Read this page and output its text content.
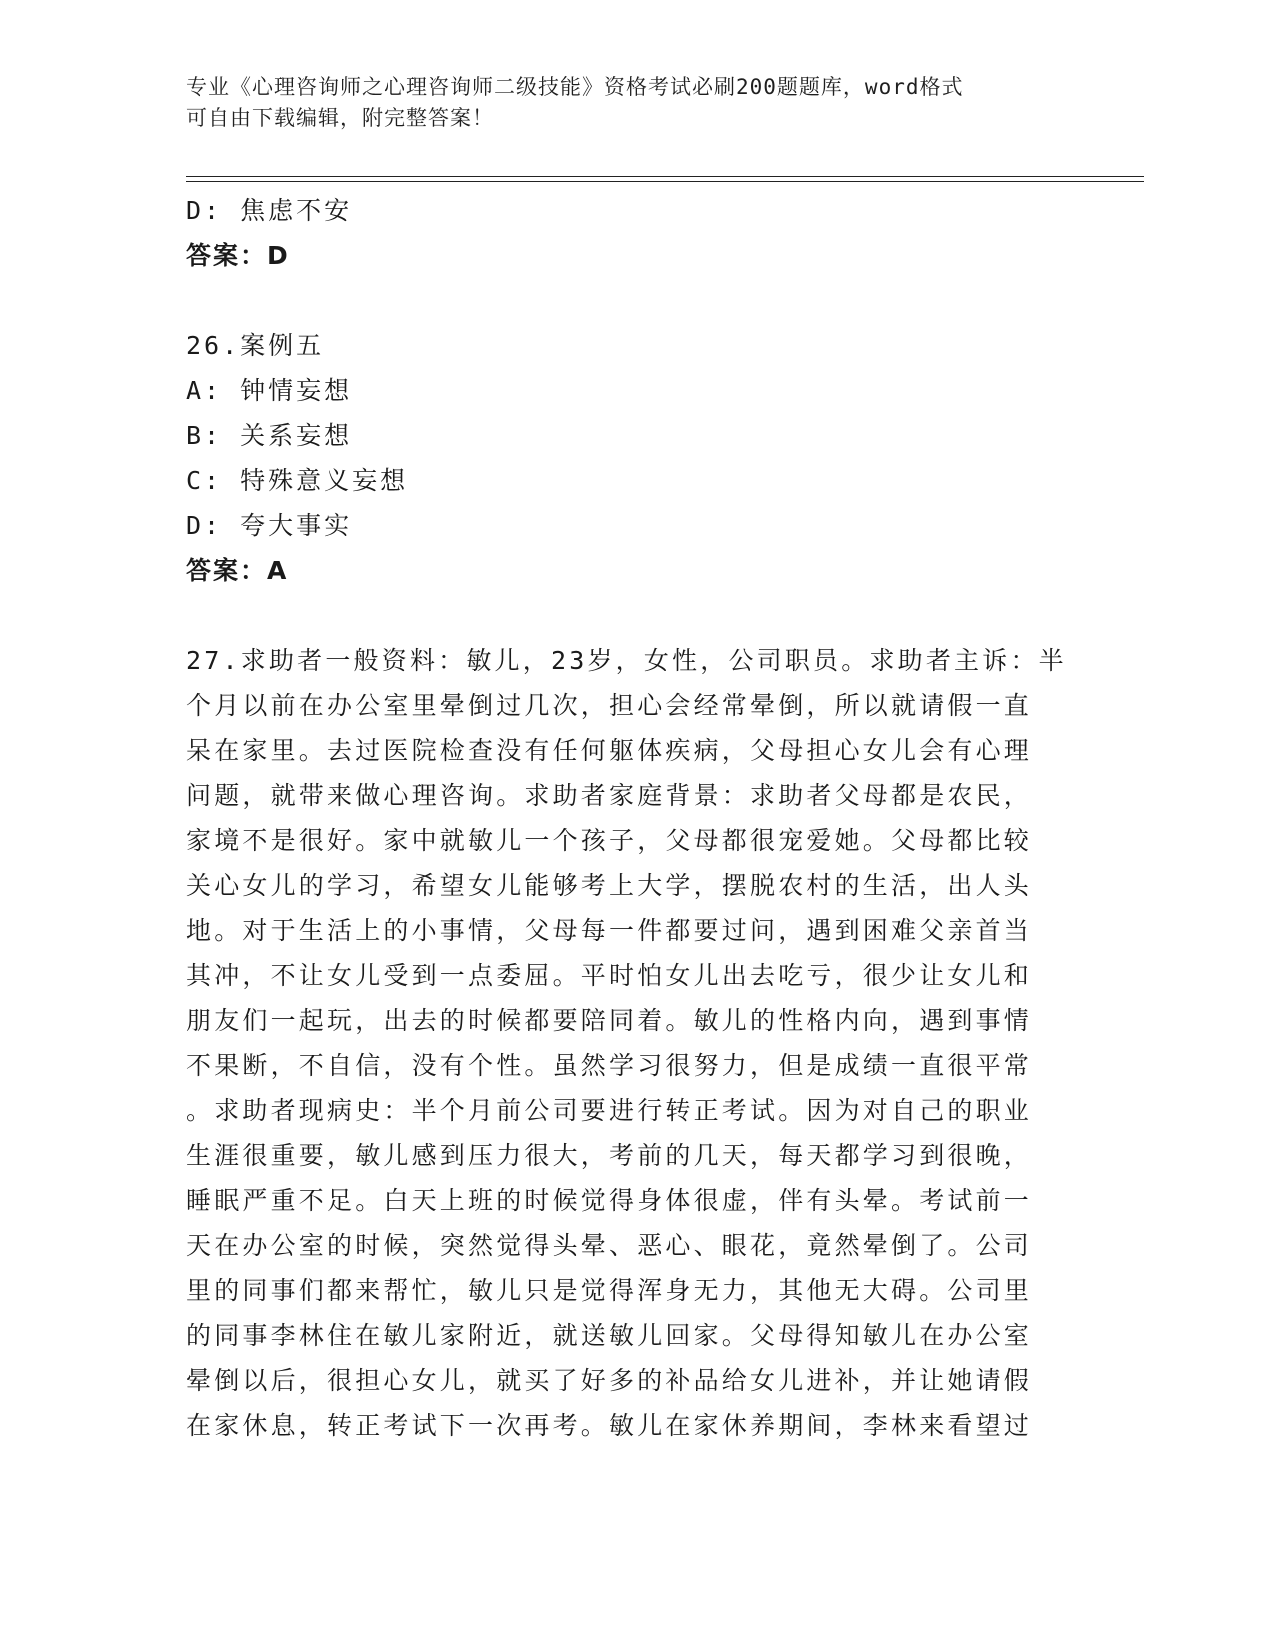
专业《心理咨询师之心理咨询师二级技能》资格考试必刷200题题库，word格式
可自由下载编辑，附完整答案！
D: 焦虑不安
答案：D
26.案例五
A: 钟情妄想
B: 关系妄想
C: 特殊意义妄想
D: 夸大事实
答案：A
27.求助者一般资料：敏儿，23岁，女性，公司职员。求助者主诉：半
个月以前在办公室里晕倒过几次，担心会经常晕倒，所以就请假一直
呆在家里。去过医院检查没有任何躯体疾病，父母担心女儿会有心理
问题，就带来做心理咨询。求助者家庭背景：求助者父母都是农民，
家境不是很好。家中就敏儿一个孩子，父母都很宠爱她。父母都比较
关心女儿的学习，希望女儿能够考上大学，摆脱农村的生活，出人头
地。对于生活上的小事情，父母每一件都要过问，遇到困难父亲首当
其冲，不让女儿受到一点委屈。平时怕女儿出去吃亏，很少让女儿和
朋友们一起玩，出去的时候都要陪同着。敏儿的性格内向，遇到事情
不果断，不自信，没有个性。虽然学习很努力，但是成绩一直很平常
。求助者现病史：半个月前公司要进行转正考试。因为对自己的职业
生涯很重要，敏儿感到压力很大，考前的几天，每天都学习到很晚，
睡眠严重不足。白天上班的时候觉得身体很虚，伴有头晕。考试前一
天在办公室的时候，突然觉得头晕、恶心、眼花，竟然晕倒了。公司
里的同事们都来帮忙，敏儿只是觉得浑身无力，其他无大碍。公司里
的同事李林住在敏儿家附近，就送敏儿回家。父母得知敏儿在办公室
晕倒以后，很担心女儿，就买了好多的补品给女儿进补，并让她请假
在家休息，转正考试下一次再考。敏儿在家休养期间，李林来看望过
